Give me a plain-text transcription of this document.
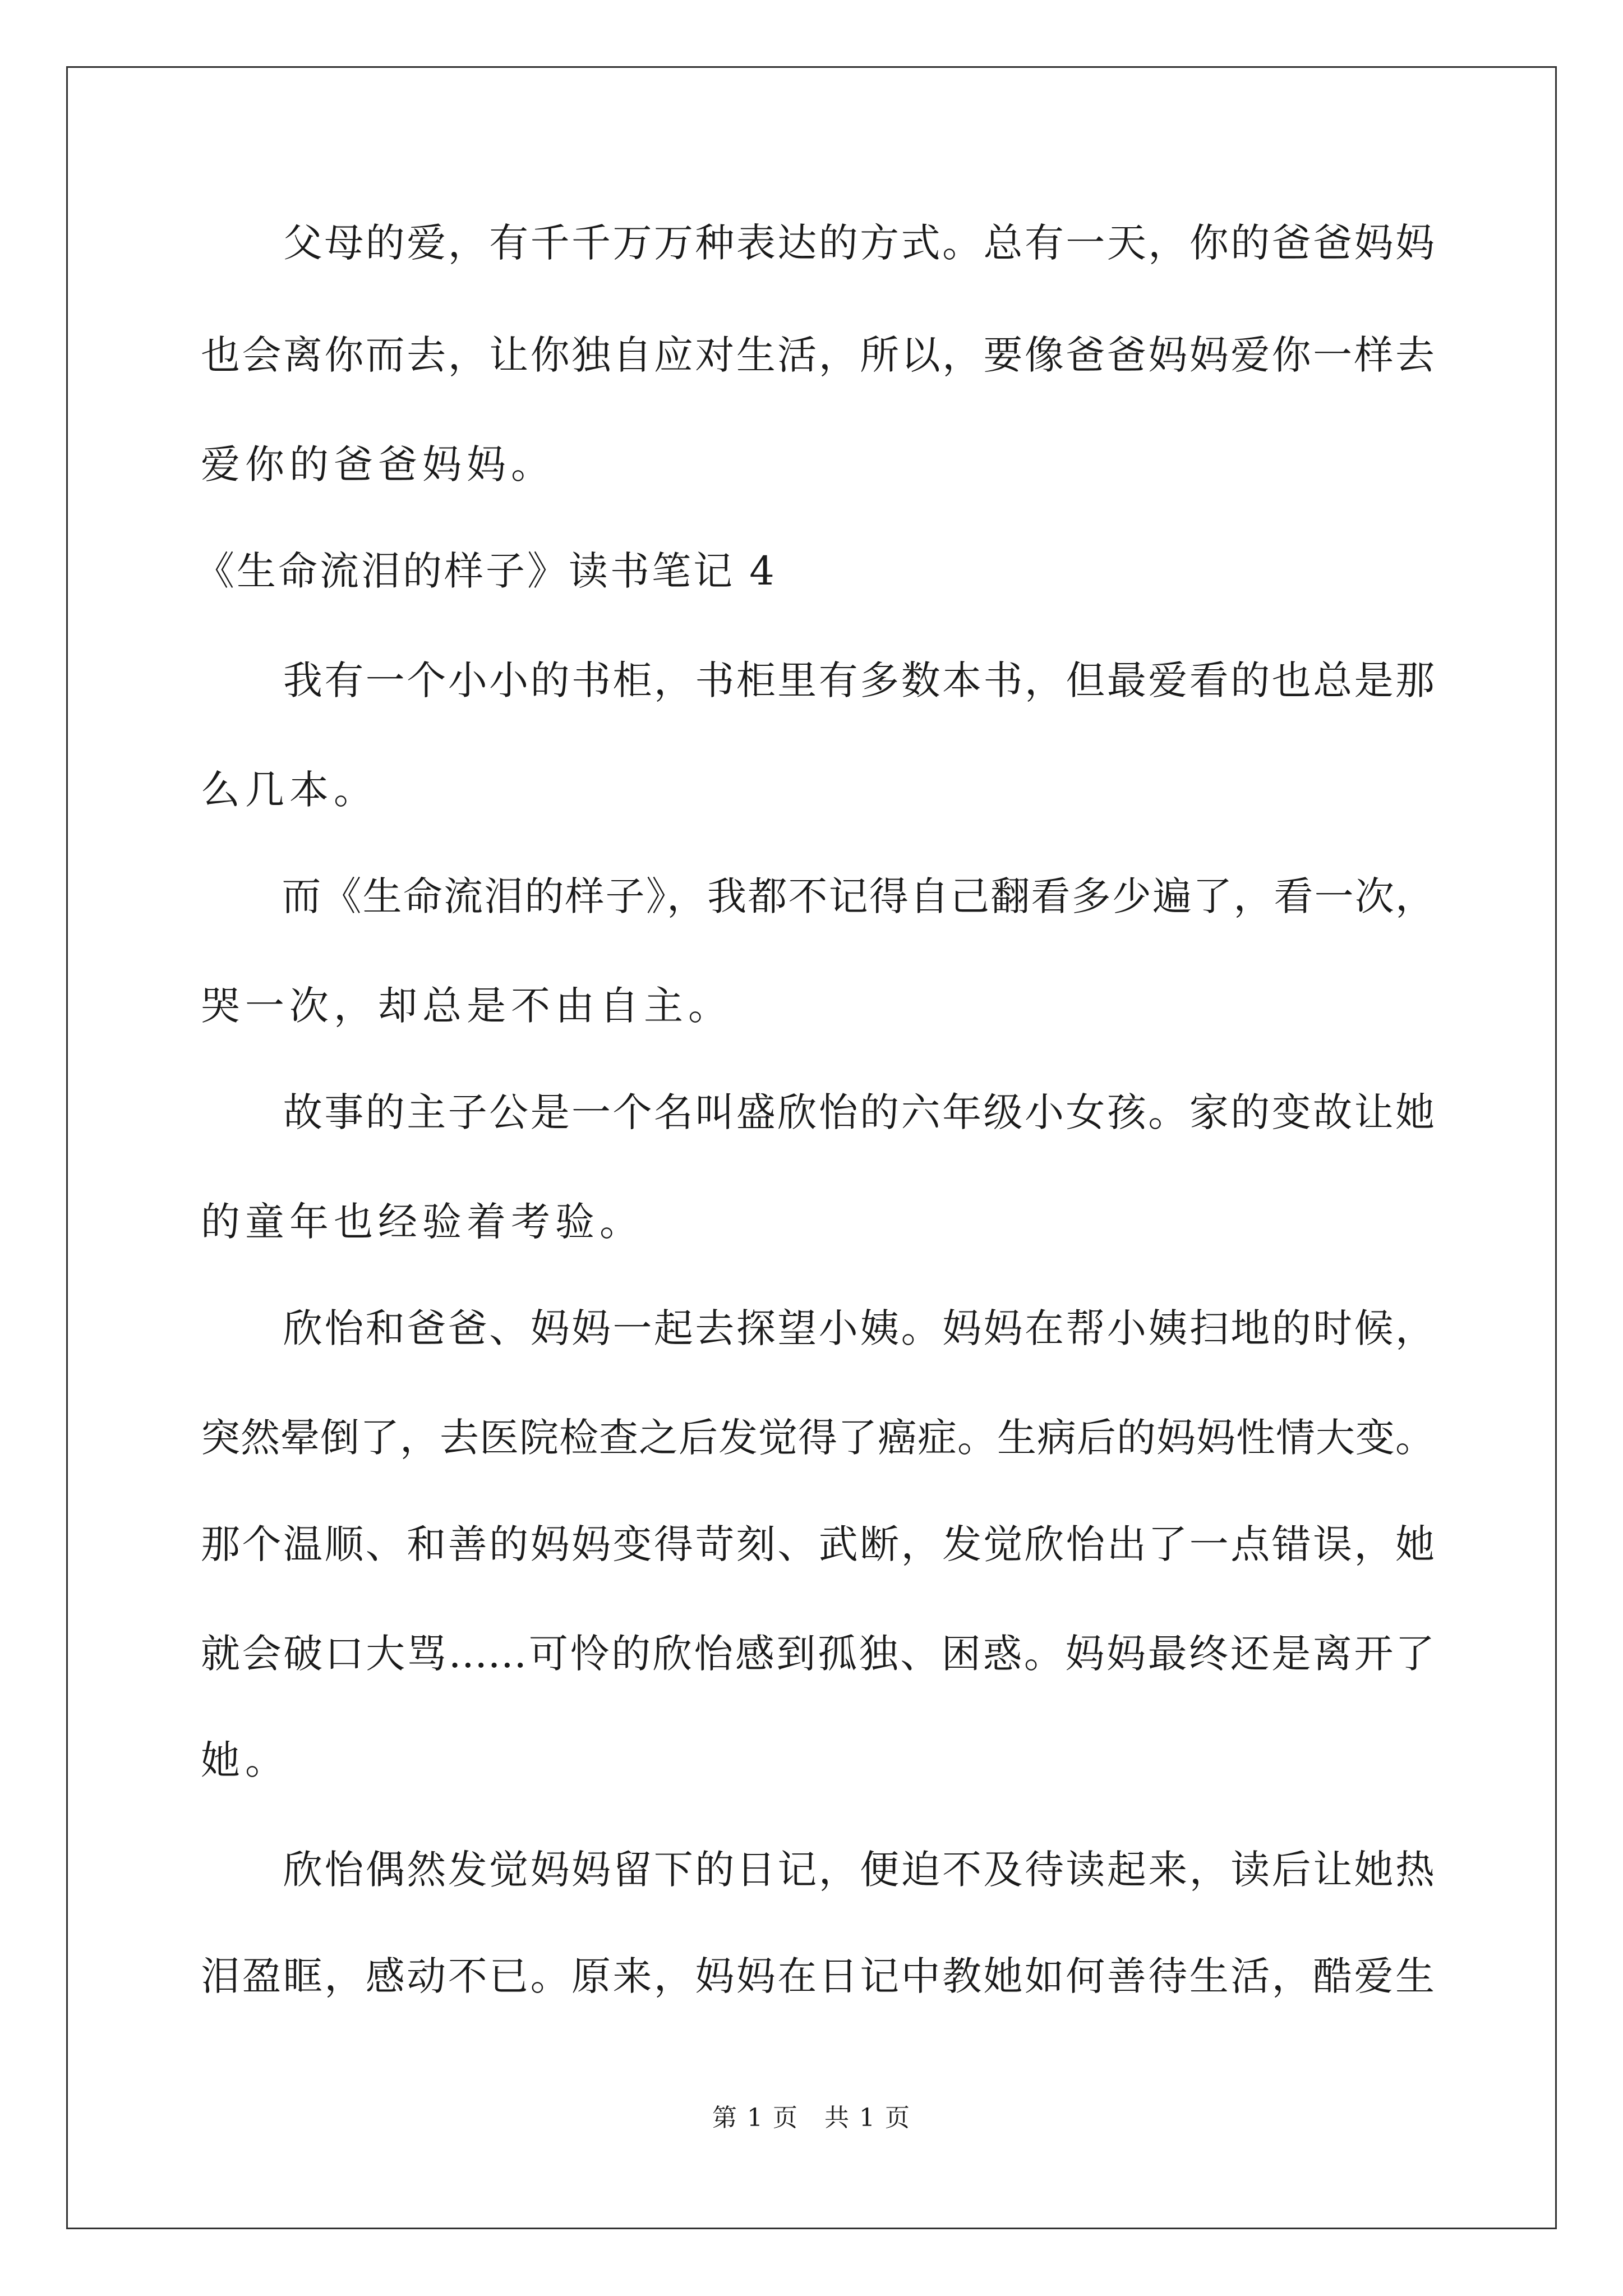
　　父母的爱，有千千万万种表达的方式。总有一天，你的爸爸妈妈
也会离你而去，让你独自应对生活，所以，要像爸爸妈妈爱你一样去
爱你的爸爸妈妈。
《生命流泪的样子》读书笔记 4
　　我有一个小小的书柜，书柜里有多数本书，但最爱看的也总是那
么几本。
　　而《生命流泪的样子》，我都不记得自己翻看多少遍了，看一次，
哭一次，却总是不由自主。
　　故事的主子公是一个名叫盛欣怡的六年级小女孩。家的变故让她
的童年也经验着考验。
　　欣怡和爸爸、妈妈一起去探望小姨。妈妈在帮小姨扫地的时候，
突然晕倒了，去医院检查之后发觉得了癌症。生病后的妈妈性情大变。
那个温顺、和善的妈妈变得苛刻、武断，发觉欣怡出了一点错误，她
就会破口大骂……可怜的欣怡感到孤独、困惑。妈妈最终还是离开了
她。
　　欣怡偶然发觉妈妈留下的日记，便迫不及待读起来，读后让她热
泪盈眶，感动不已。原来，妈妈在日记中教她如何善待生活，酷爱生
第 1 页　共 1 页
